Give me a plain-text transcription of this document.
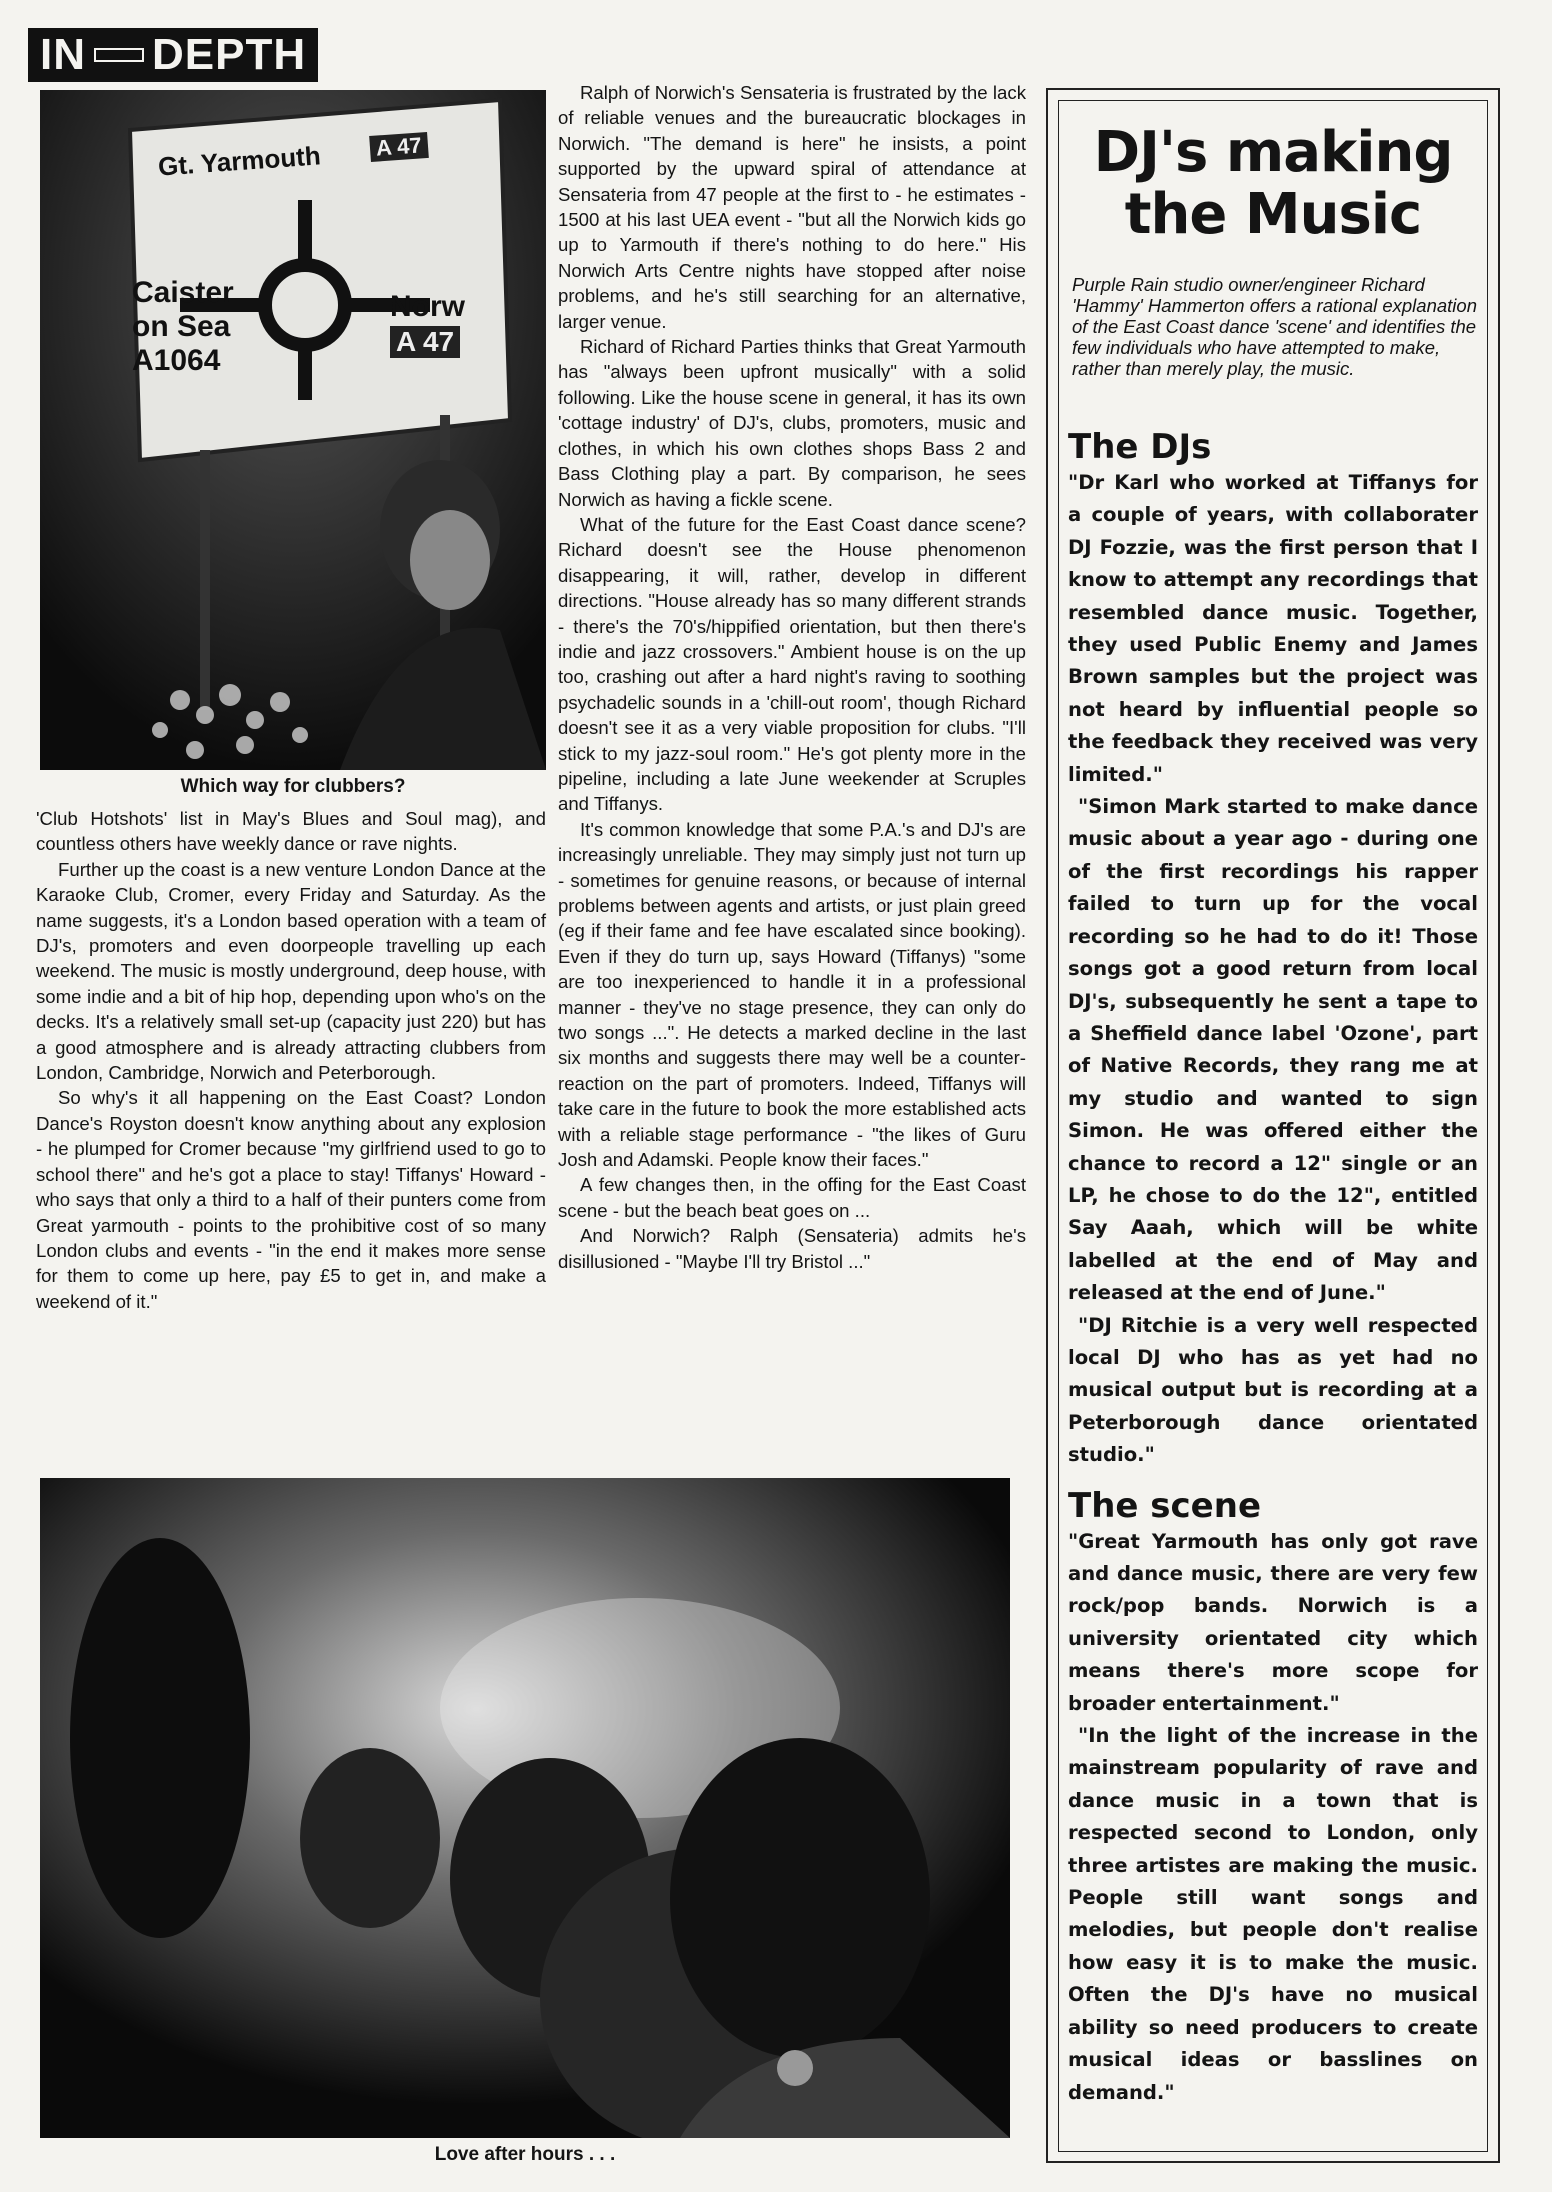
IN DEPTH
Gt. Yarmouth A 47
Caister
on Sea
A1064
Norw
A 47
Which way for clubbers?

'Club Hotshots' list in May's Blues and Soul mag), and countless others have weekly dance or rave nights.

Further up the coast is a new venture London Dance at the Karaoke Club, Cromer, every Friday and Saturday. As the name suggests, it's a London based operation with a team of DJ's, promoters and even doorpeople travelling up each weekend. The music is mostly underground, deep house, with some indie and a bit of hip hop, depending upon who's on the decks. It's a relatively small set-up (capacity just 220) but has a good atmosphere and is already attracting clubbers from London, Cambridge, Norwich and Peterborough.

So why's it all happening on the East Coast? London Dance's Royston doesn't know anything about any explosion - he plumped for Cromer because "my girlfriend used to go to school there" and he's got a place to stay! Tiffanys' Howard - who says that only a third to a half of their punters come from Great yarmouth - points to the prohibitive cost of so many London clubs and events - "in the end it makes more sense for them to come up here, pay £5 to get in, and make a weekend of it."

Ralph of Norwich's Sensateria is frustrated by the lack of reliable venues and the bureaucratic blockages in Norwich. "The demand is here" he insists, a point supported by the upward spiral of attendance at Sensateria from 47 people at the first to - he estimates - 1500 at his last UEA event - "but all the Norwich kids go up to Yarmouth if there's nothing to do here." His Norwich Arts Centre nights have stopped after noise problems, and he's still searching for an alternative, larger venue.

Richard of Richard Parties thinks that Great Yarmouth has "always been upfront musically" with a solid following. Like the house scene in general, it has its own 'cottage industry' of DJ's, clubs, promoters, music and clothes, in which his own clothes shops Bass 2 and Bass Clothing play a part. By comparison, he sees Norwich as having a fickle scene.

What of the future for the East Coast dance scene? Richard doesn't see the House phenomenon disappearing, it will, rather, develop in different directions. "House already has so many different strands - there's the 70's/hippified orientation, but then there's indie and jazz crossovers." Ambient house is on the up too, crashing out after a hard night's raving to soothing psychadelic sounds in a 'chill-out room', though Richard doesn't see it as a very viable proposition for clubs. "I'll stick to my jazz-soul room." He's got plenty more in the pipeline, including a late June weekender at Scruples and Tiffanys.

It's common knowledge that some P.A.'s and DJ's are increasingly unreliable. They may simply just not turn up - sometimes for genuine reasons, or because of internal problems between agents and artists, or just plain greed (eg if their fame and fee have escalated since booking). Even if they do turn up, says Howard (Tiffanys) "some are too inexperienced to handle it in a professional manner - they've no stage presence, they can only do two songs ...". He detects a marked decline in the last six months and suggests there may well be a counter-reaction on the part of promoters. Indeed, Tiffanys will take care in the future to book the more established acts with a reliable stage performance - "the likes of Guru Josh and Adamski. People know their faces."

A few changes then, in the offing for the East Coast scene - but the beach beat goes on ...

And Norwich? Ralph (Sensateria) admits he's disillusioned - "Maybe I'll try Bristol ..."

Love after hours . . .
DJ's making
the Music
Purple Rain studio owner/engineer Richard 'Hammy' Hammerton offers a rational explanation of the East Coast dance 'scene' and identifies the few individuals who have attempted to make, rather than merely play, the music.
The DJs

"Dr Karl who worked at Tiffanys for a couple of years, with collaborater DJ Fozzie, was the first person that I know to attempt any recordings that resembled dance music. Together, they used Public Enemy and James Brown samples but the project was not heard by influential people so the feedback they received was very limited."

"Simon Mark started to make dance music about a year ago - during one of the first recordings his rapper failed to turn up for the vocal recording so he had to do it! Those songs got a good return from local DJ's, subsequently he sent a tape to a Sheffield dance label 'Ozone', part of Native Records, they rang me at my studio and wanted to sign Simon. He was offered either the chance to record a 12" single or an LP, he chose to do the 12", entitled Say Aaah, which will be white labelled at the end of May and released at the end of June."

"DJ Ritchie is a very well respected local DJ who has as yet had no musical output but is recording at a Peterborough dance orientated studio."

The scene

"Great Yarmouth has only got rave and dance music, there are very few rock/pop bands. Norwich is a university orientated city which means there's more scope for broader entertainment."

"In the light of the increase in the mainstream popularity of rave and dance music in a town that is respected second to London, only three artistes are making the music. People still want songs and melodies, but people don't realise how easy it is to make the music. Often the DJ's have no musical ability so need producers to create musical ideas or basslines on demand."
